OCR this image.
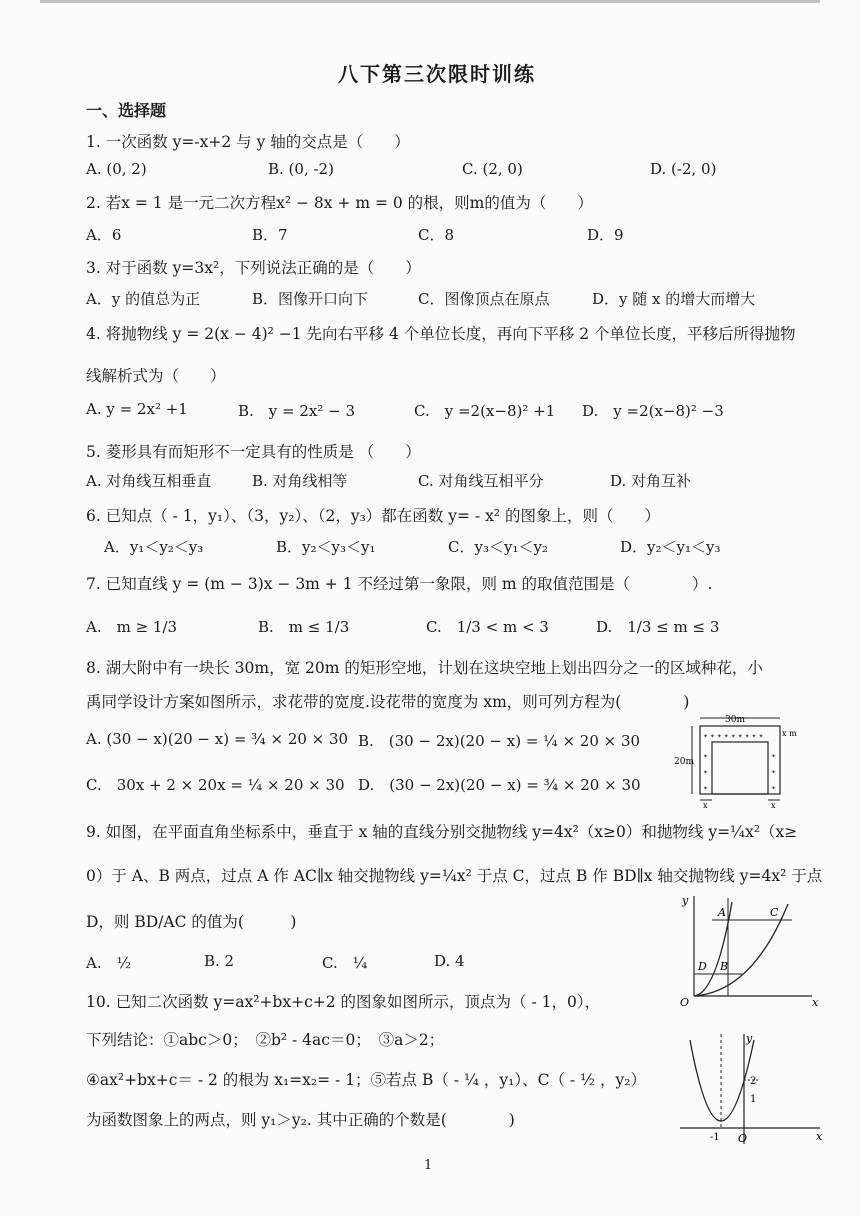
八下第三次限时训练
一、选择题
1. 一次函数 y=-x+2 与 y 轴的交点是（　　）
A. (0, 2)	B. (0, -2)	C. (2, 0)	D. (-2, 0)
2. 若x = 1 是一元二次方程x² − 8x + m = 0 的根，则m的值为（　　）
A．6	B．7	C．8	D．9
3. 对于函数 y=3x²，下列说法正确的是（　　）
A．y 的值总为正	B．图像开口向下	C．图像顶点在原点	D．y 随 x 的增大而增大
4. 将抛物线 y = 2(x − 4)² −1 先向右平移 4 个单位长度，再向下平移 2 个单位长度，平移后所得抛物
线解析式为（　　）
A. y = 2x² +1	B.　y = 2x² − 3	C.　y =2(x−8)² +1 D.　y =2(x−8)² −3
5. 菱形具有而矩形不一定具有的性质是 （　　）
A. 对角线互相垂直	B. 对角线相等	C. 对角线互相平分	D. 对角互补
6. 已知点（ - 1，y₁）、（3，y₂）、（2，y₃）都在函数 y= - x² 的图象上，则（　　）
A．y₁＜y₂＜y₃	B．y₂＜y₃＜y₁	C．y₃＜y₁＜y₂	D．y₂＜y₁＜y₃
7. 已知直线 y = (m − 3)x − 3m + 1 不经过第一象限，则 m 的取值范围是（　　　　）.
A.　m ≥ 1/3	B.　m ≤ 1/3	C.　1/3 < m < 3	D.　1/3 ≤ m ≤ 3
8. 湖大附中有一块长 30m，宽 20m 的矩形空地，计划在这块空地上划出四分之一的区域种花，小
禹同学设计方案如图所示，求花带的宽度.设花带的宽度为 xm，则可列方程为(　　　　)
A. (30 − x)(20 − x) = ¾ × 20 × 30 B.　(30 − 2x)(20 − x) = ¼ × 20 × 30
C.　30x + 2 × 20x = ¼ × 20 × 30 D.　(30 − 2x)(20 − x) = ¾ × 20 × 30
30m
20m
x m
x	x
✦ ✦ ✦ ✦ ✦ ✦ ✦ ✦ ✦
✦
✦
✦
✦
✦
✦
9. 如图，在平面直角坐标系中，垂直于 x 轴的直线分别交抛物线 y=4x²（x≥0）和抛物线 y=¼x²（x≥
0）于 A、B 两点，过点 A 作 AC∥x 轴交抛物线 y=¼x² 于点 C，过点 B 作 BD∥x 轴交抛物线 y=4x² 于点
D，则 BD/AC 的值为(　　　)
A.　½	B. 2	C.　¼	D. 4
y
x
O
A	C
D B
10. 已知二次函数 y=ax²+bx+c+2 的图象如图所示，顶点为（ - 1，0），
下列结论：①abc＞0；　②b² - 4ac＝0；　③a＞2；
④ax²+bx+c＝ - 2 的根为 x₁=x₂= - 1；⑤若点 B（ - ¼ ，y₁）、C（ - ½ ，y₂）
为函数图象上的两点，则 y₁＞y₂. 其中正确的个数是(　　　　)
y
x
O
-1
1
2
1
